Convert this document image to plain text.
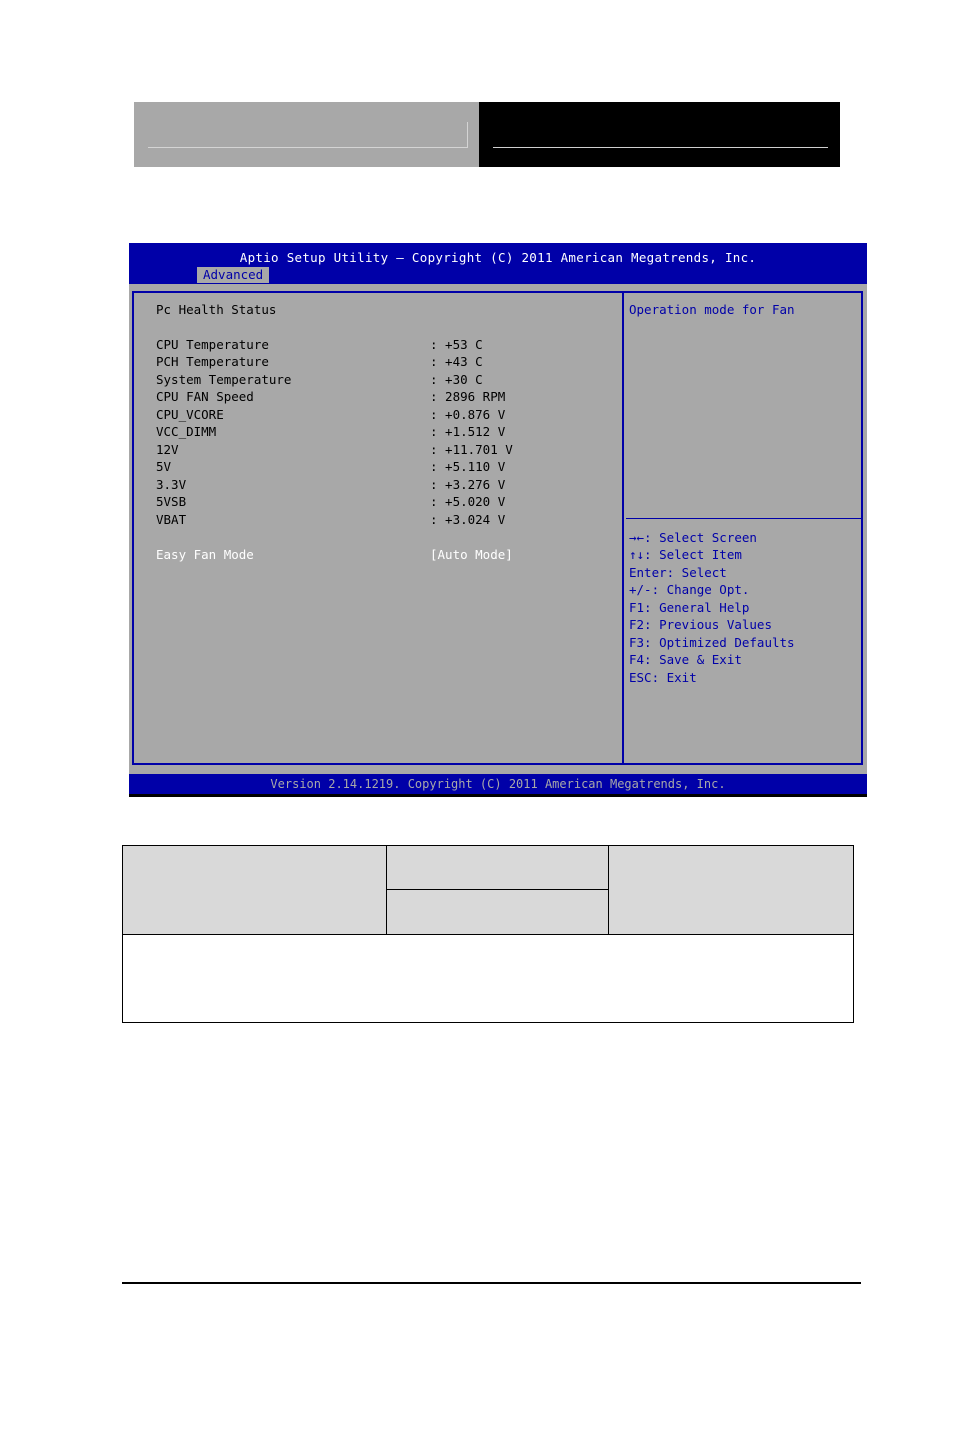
Aptio Setup Utility – Copyright (C) 2011 American Megatrends, Inc.
Advanced
Pc Health Status
CPU Temperature	: +53 C
PCH Temperature	: +43 C
System Temperature	: +30 C
CPU FAN Speed	: 2896 RPM
CPU_VCORE	: +0.876 V
VCC_DIMM	: +1.512 V
12V	: +11.701 V
5V	: +5.110 V
3.3V	: +3.276 V
5VSB	: +5.020 V
VBAT	: +3.024 V
Easy Fan Mode	[Auto Mode]
Operation mode for Fan
→←: Select Screen
↑↓: Select Item
Enter: Select
+/-: Change Opt.
F1: General Help
F2: Previous Values
F3: Optimized Defaults
F4: Save & Exit
ESC: Exit
Version 2.14.1219. Copyright (C) 2011 American Megatrends, Inc.
